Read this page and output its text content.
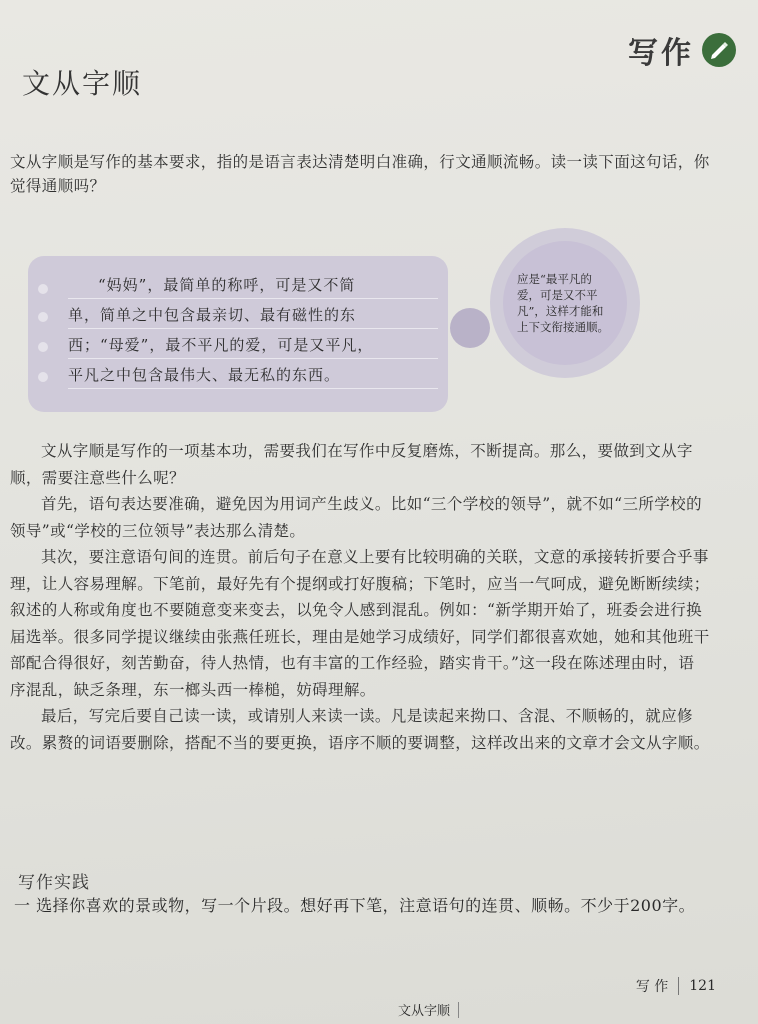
写作
文从字顺
文从字顺是写作的基本要求，指的是语言表达清楚明白准确，行文通顺流畅。读一读下面这句话，你觉得通顺吗？
“妈妈”，最简单的称呼，可是又不简
单，简单之中包含最亲切、最有磁性的东
西；“母爱”，最不平凡的爱，可是又平凡，
平凡之中包含最伟大、最无私的东西。
应是“最平凡的爱，可是又不平凡”，这样才能和上下文衔接通顺。
文从字顺是写作的一项基本功，需要我们在写作中反复磨炼，不断提高。那么，要做到文从字顺，需要注意些什么呢？
首先，语句表达要准确，避免因为用词产生歧义。比如“三个学校的领导”，就不如“三所学校的领导”或“学校的三位领导”表达那么清楚。
其次，要注意语句间的连贯。前后句子在意义上要有比较明确的关联，文意的承接转折要合乎事理，让人容易理解。下笔前，最好先有个提纲或打好腹稿；下笔时，应当一气呵成，避免断断续续；叙述的人称或角度也不要随意变来变去，以免令人感到混乱。例如：“新学期开始了，班委会进行换届选举。很多同学提议继续由张燕任班长，理由是她学习成绩好，同学们都很喜欢她，她和其他班干部配合得很好，刻苦勤奋，待人热情，也有丰富的工作经验，踏实肯干。”这一段在陈述理由时，语序混乱，缺乏条理，东一榔头西一棒槌，妨碍理解。
最后，写完后要自己读一读，或请别人来读一读。凡是读起来拗口、含混、不顺畅的，就应修改。累赘的词语要删除，搭配不当的要更换，语序不顺的要调整，这样改出来的文章才会文从字顺。
写作实践
一 选择你喜欢的景或物，写一个片段。想好再下笔，注意语句的连贯、顺畅。不少于200字。
写 作 121
文从字顺
